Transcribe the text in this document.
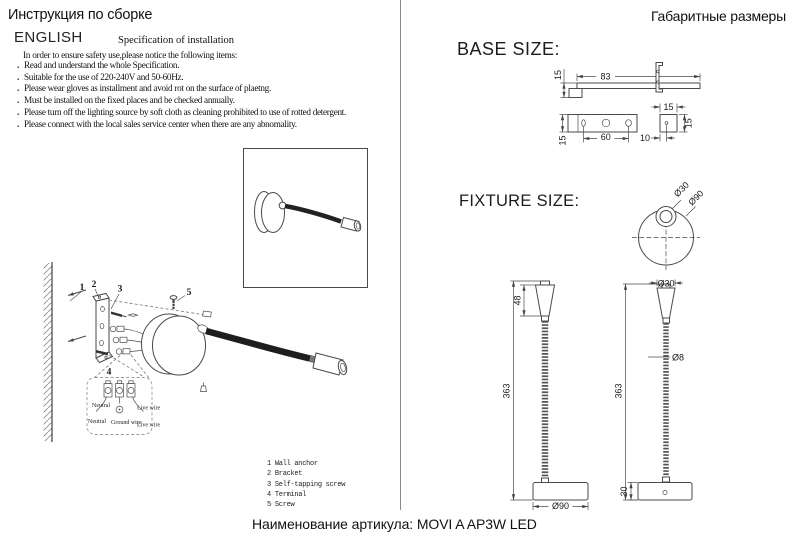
Инструкция по сборке	Габаритные размеры
ENGLISH	Specification of installation
In order to ensure safety use,please notice the following items:
. Read and understand the whole Specification.
. Suitable for the use of 220-240V and 50-60Hz.
. Please wear gloves as installment and avoid rot on the surface of plaetng.
. Must be installed on the fixed places and be checked annually.
. Please turn off the lighting source by soft cloth as cleaning prohibited to use of rotted detergent.
. Please connect with the local sales service center when there are any abnomality.
BASE SIZE:
FIXTURE SIZE:
1 2 3	5
4
Neutral	Live wire
Neutral Ground wire
Live wire
83
15
15	60
15
15
10
Ø30
Ø90
48
363
Ø90
Ø30
Ø8
363
30
1 Wall anchor
2 Bracket
3 Self-tapping screw
4 Terminal
5 Screw
Наименование артикула: MOVI A AP3W LED
